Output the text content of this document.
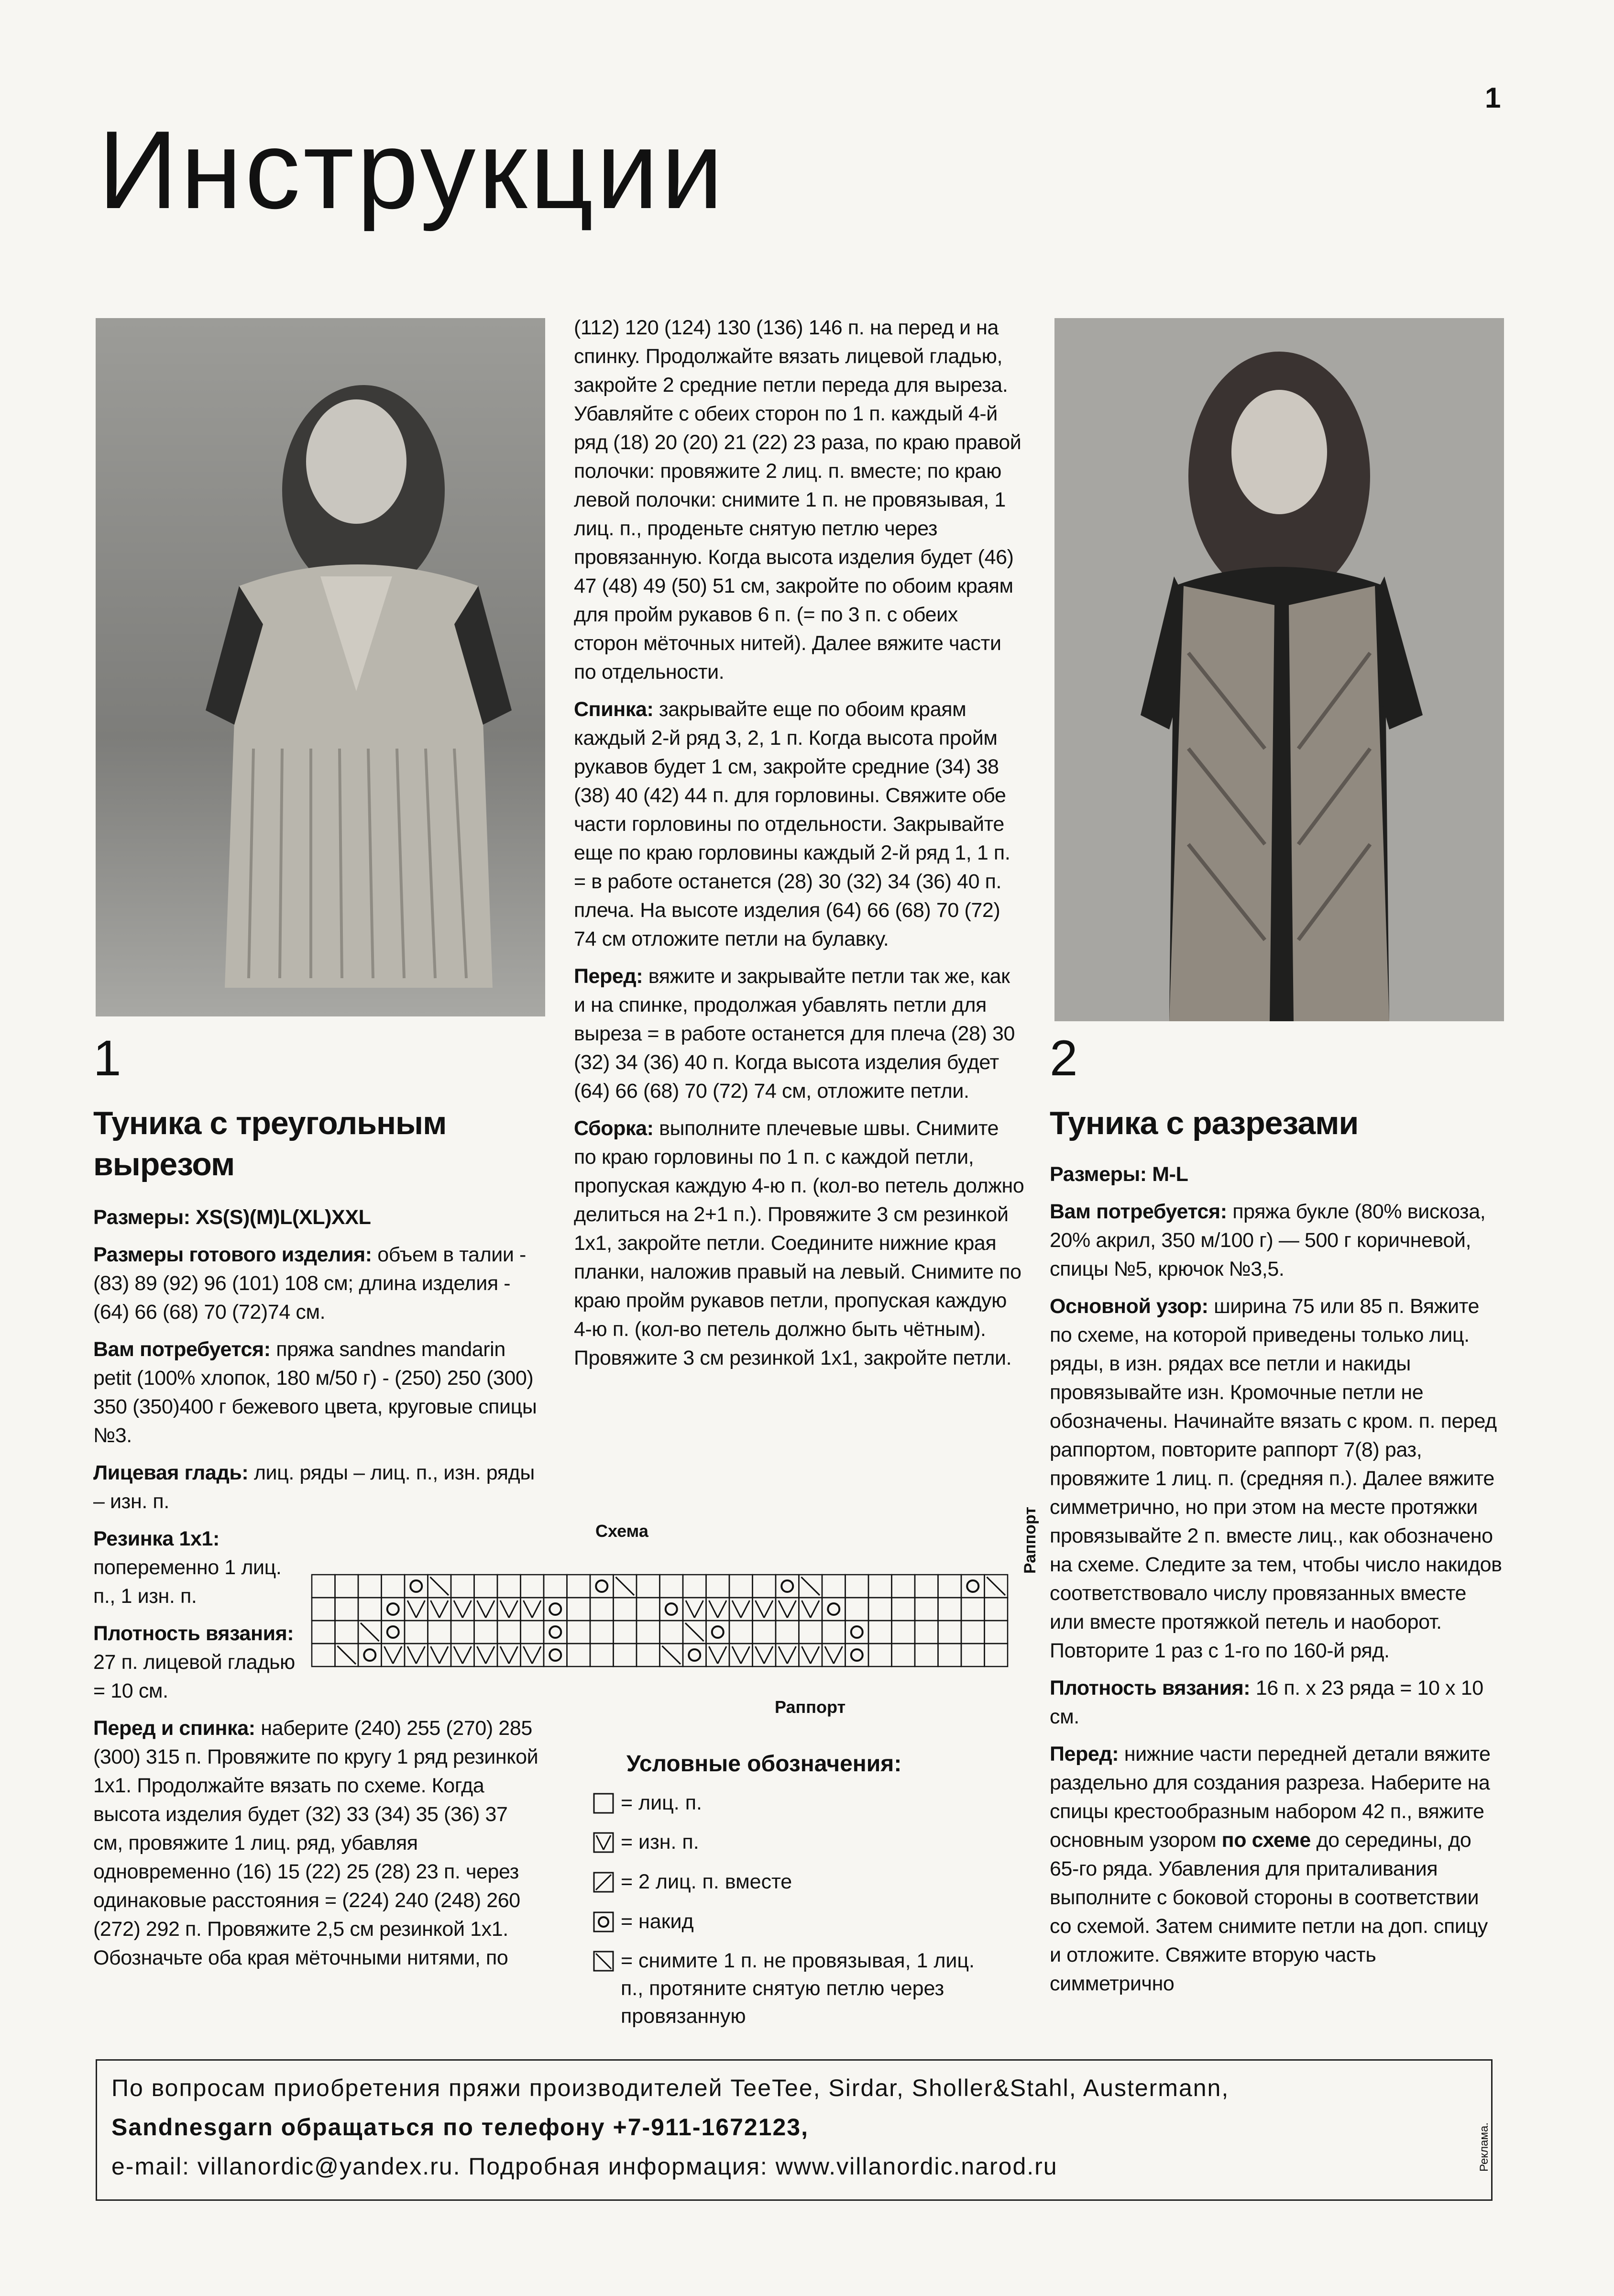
1
Инструкции
1
Туника с треугольным
вырезом

Размеры: XS(S)(M)L(XL)XXL

Размеры готового изделия: объем в талии - (83) 89 (92) 96 (101) 108 см; длина изделия - (64) 66 (68) 70 (72)74 см.

Вам потребуется: пряжа sandnes mandarin petit (100% хлопок, 180 м/50 г) - (250) 250 (300) 350 (350)400 г бежевого цвета, круговые спицы №3.

Лицевая гладь: лиц. ряды – лиц. п., изн. ряды – изн. п.

Резинка 1х1: попеременно 1 лиц. п., 1 изн. п.

Плотность вязания: 27 п. лицевой гладью = 10 см.

Перед и спинка: наберите (240) 255 (270) 285 (300) 315 п. Провяжите по кругу 1 ряд резинкой 1х1. Продолжайте вязать по схеме. Когда высота изделия будет (32) 33 (34) 35 (36) 37 см, провяжите 1 лиц. ряд, убавляя одновременно (16) 15 (22) 25 (28) 23 п. через одинаковые расстояния = (224) 240 (248) 260 (272) 292 п. Провяжите 2,5 см резинкой 1х1. Обозначьте оба края мёточными нитями, по

(112) 120 (124) 130 (136) 146 п. на перед и на спинку. Продолжайте вязать лицевой гладью, закройте 2 средние петли переда для выреза. Убавляйте с обеих сторон по 1 п. каждый 4-й ряд (18) 20 (20) 21 (22) 23 раза, по краю правой полочки: провяжите 2 лиц. п. вместе; по краю левой полочки: снимите 1 п. не провязывая, 1 лиц. п., проденьте снятую петлю через провязанную. Когда высота изделия будет (46) 47 (48) 49 (50) 51 см, закройте по обоим краям для пройм рукавов 6 п. (= по 3 п. с обеих сторон мёточных нитей). Далее вяжите части по отдельности.

Спинка: закрывайте еще по обоим краям каждый 2-й ряд 3, 2, 1 п. Когда высота пройм рукавов будет 1 см, закройте средние (34) 38 (38) 40 (42) 44 п. для горловины. Свяжите обе части горловины по отдельности. Закрывайте еще по краю горловины каждый 2-й ряд 1, 1 п. = в работе останется (28) 30 (32) 34 (36) 40 п. плеча. На высоте изделия (64) 66 (68) 70 (72) 74 см отложите петли на булавку.

Перед: вяжите и закрывайте петли так же, как и на спинке, продолжая убавлять петли для выреза = в работе останется для плеча (28) 30 (32) 34 (36) 40 п. Когда высота изделия будет (64) 66 (68) 70 (72) 74 см, отложите петли.

Сборка: выполните плечевые швы. Снимите по краю горловины по 1 п. с каждой петли, пропуская каждую 4-ю п. (кол-во петель должно делиться на 2+1 п.). Провяжите 3 см резинкой 1х1, закройте петли. Соедините нижние края планки, наложив правый на левый. Снимите по краю пройм рукавов петли, пропуская каждую 4-ю п. (кол-во петель должно быть чётным). Провяжите 3 см резинкой 1х1, закройте петли.

Схема
Раппорт
Раппорт
Условные обозначения:
= лиц. п.
= изн. п.
= 2 лиц. п. вместе
= накид
= снимите 1 п. не провязывая, 1 лиц.
п., протяните снятую петлю через
провязанную
2
Туника с разрезами

Размеры: M-L

Вам потребуется: пряжа букле (80% вискоза, 20% акрил, 350 м/100 г) — 500 г коричневой, спицы №5, крючок №3,5.

Основной узор: ширина 75 или 85 п. Вяжите по схеме, на которой приведены только лиц. ряды, в изн. рядах все петли и накиды провязывайте изн. Кромочные петли не обозначены. Начинайте вязать с кром. п. перед раппортом, повторите раппорт 7(8) раз, провяжите 1 лиц. п. (средняя п.). Далее вяжите симметрично, но при этом на месте протяжки провязывайте 2 п. вместе лиц., как обозначено на схеме. Следите за тем, чтобы число накидов соответствовало числу провязанных вместе или вместе протяжкой петель и наоборот. Повторите 1 раз с 1-го по 160-й ряд.

Плотность вязания: 16 п. х 23 ряда = 10 х 10 см.

Перед: нижние части передней детали вяжите раздельно для создания разреза. Наберите на спицы крестообразным набором 42 п., вяжите основным узором по схеме до середины, до 65-го ряда. Убавления для приталивания выполните с боковой стороны в соответствии со схемой. Затем снимите петли на доп. спицу и отложите. Свяжите вторую часть симметрично

По вопросам приобретения пряжи производителей TeeTee, Sirdar, Sholler&Stahl, Austermann,
Sandnesgarn обращаться по телефону +7-911-1672123,
e-mail: villanordic@yandex.ru. Подробная информация: www.villanordic.narod.ru	Реклама.
